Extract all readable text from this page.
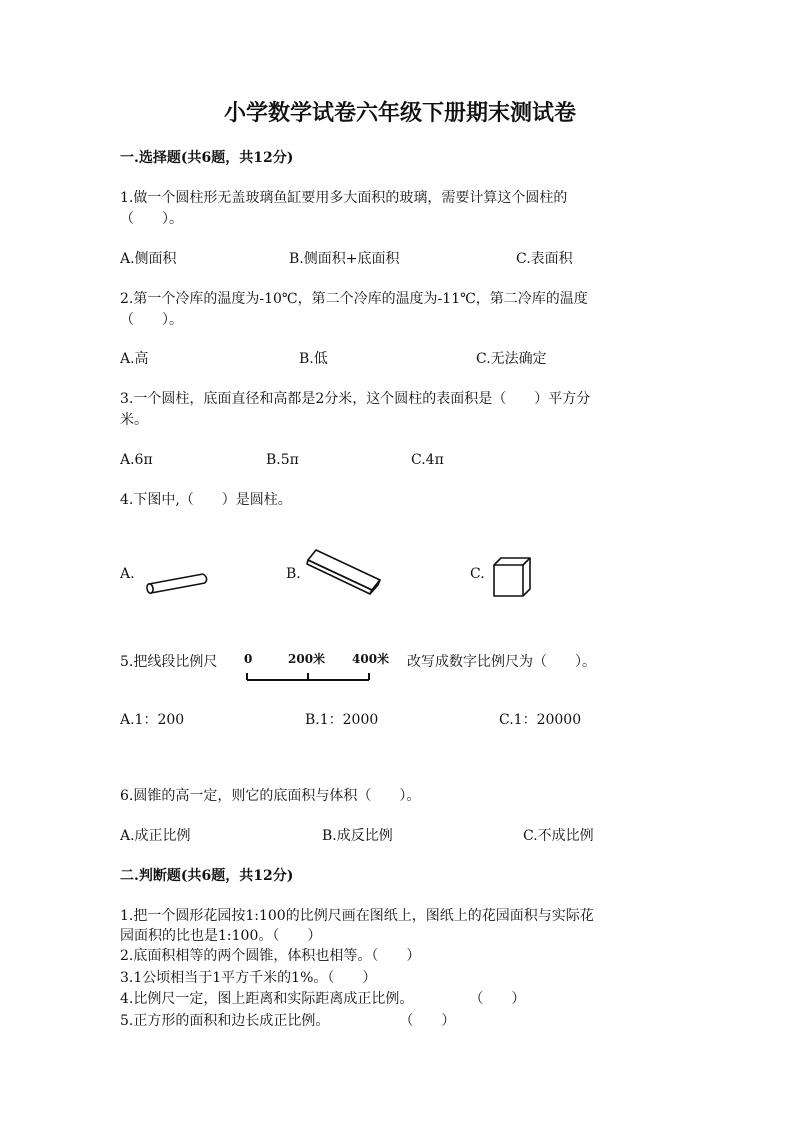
小学数学试卷六年级下册期末测试卷
一.选择题(共6题，共12分)
1.做一个圆柱形无盖玻璃鱼缸要用多大面积的玻璃，需要计算这个圆柱的
（　　）。
A.侧面积	B.侧面积+底面积	C.表面积
2.第一个冷库的温度为-10℃，第二个冷库的温度为-11℃，第二冷库的温度
（　　）。
A.高	B.低	C.无法确定
3.一个圆柱，底面直径和高都是2分米，这个圆柱的表面积是（　　）平方分
米。
A.6π	B.5π	C.4π
4.下图中,（　　）是圆柱。
A.	B.	C.
5.把线段比例尺 0	200米 400米 改写成数字比例尺为（　　）。
A.1：200	B.1：2000	C.1：20000
6.圆锥的高一定，则它的底面积与体积（　　）。
A.成正比例	B.成反比例	C.不成比例
二.判断题(共6题，共12分)
1.把一个圆形花园按1:100的比例尺画在图纸上，图纸上的花园面积与实际花
园面积的比也是1:100。（　　）
2.底面积相等的两个圆锥，体积也相等。（　　）
3.1公顷相当于1平方千米的1%。（　　）
4.比例尺一定，图上距离和实际距离成正比例。　　　　　（　　）
5.正方形的面积和边长成正比例。　　　　　　（　　）
